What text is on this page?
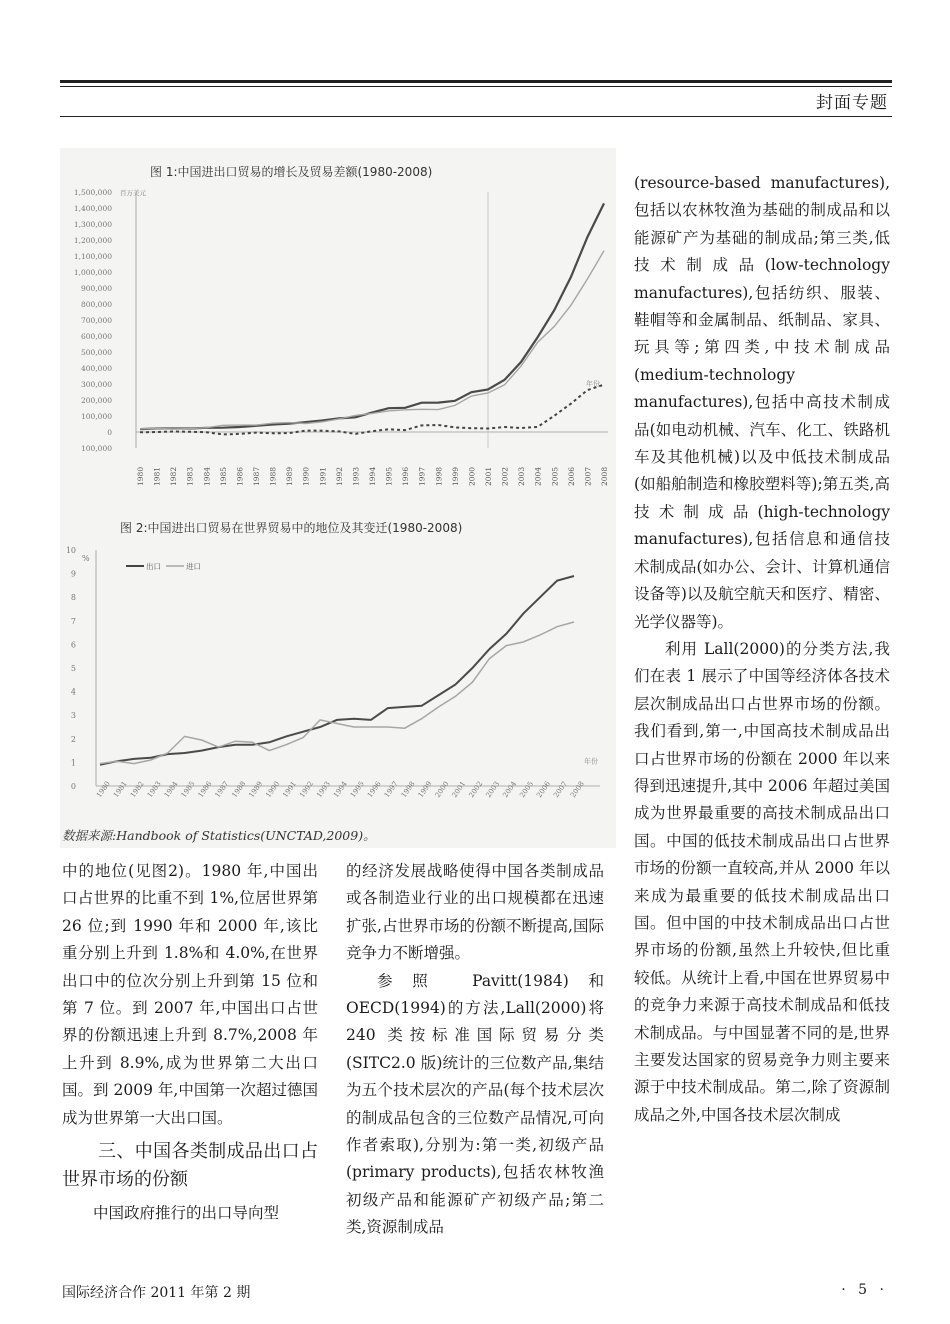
封面专题
图 1:中国进出口贸易的增长及贸易差额(1980-2008)
1,500,000
1,400,000
1,300,000
1,200,000
1,100,000
1,000,000
900,000
800,000
700,000
600,000
500,000
400,000
300,000
200,000
100,000
0
100,000
百万美元
年份
1980 1981 1982 1983 1984 1985 1986 1987 1988 1989 1990 1991 1992 1993 1994 1995 1996 1997 1998 1999 2000 2001 2002 2003 2004 2005 2006 2007 2008
图 2:中国进出口贸易在世界贸易中的地位及其变迁(1980-2008)
10
9
8
7
6
5
4
3
2
1
0
%
年份
出口	进口
1980 1981 1982 1983 1984 1985 1986 1987 1988 1989 1990 1991 1992 1993 1994 1995 1996 1997 1998 1999 2000 2001 2002 2003 2004 2005 2006 2007 2008
数据来源:Handbook of Statistics(UNCTAD,2009)。

中的地位(见图2)。1980 年,中国出口占世界的比重不到 1%,位居世界第 26 位;到 1990 年和 2000 年,该比重分别上升到 1.8%和 4.0%,在世界出口中的位次分别上升到第 15 位和第 7 位。到 2007 年,中国出口占世界的份额迅速上升到 8.7%,2008 年上升到 8.9%,成为世界第二大出口国。到 2009 年,中国第一次超过德国成为世界第一大出口国。

三、中国各类制成品出口占世界市场的份额

中国政府推行的出口导向型

的经济发展战略使得中国各类制成品或各制造业行业的出口规模都在迅速扩张,占世界市场的份额不断提高,国际竞争力不断增强。

参照 Pavitt(1984)和 OECD(1994)的方法,Lall(2000)将 240 类按标准国际贸易分类(SITC2.0 版)统计的三位数产品,集结为五个技术层次的产品(每个技术层次的制成品包含的三位数产品情况,可向作者索取),分别为:第一类,初级产品(primary products),包括农林牧渔初级产品和能源矿产初级产品;第二类,资源制成品

(resource-based manufactures),包括以农林牧渔为基础的制成品和以能源矿产为基础的制成品;第三类,低技术制成品(low-technology manufactures),包括纺织、服装、鞋帽等和金属制品、纸制品、家具、玩具等;第四类,中技术制成品(medium-technology manufactures),包括中高技术制成品(如电动机械、汽车、化工、铁路机车及其他机械)以及中低技术制成品(如船舶制造和橡胶塑料等);第五类,高技术制成品(high-technology manufactures),包括信息和通信技术制成品(如办公、会计、计算机通信设备等)以及航空航天和医疗、精密、光学仪器等)。

利用 Lall(2000)的分类方法,我们在表 1 展示了中国等经济体各技术层次制成品出口占世界市场的份额。我们看到,第一,中国高技术制成品出口占世界市场的份额在 2000 年以来得到迅速提升,其中 2006 年超过美国成为世界最重要的高技术制成品出口国。中国的低技术制成品出口占世界市场的份额一直较高,并从 2000 年以来成为最重要的低技术制成品出口国。但中国的中技术制成品出口占世界市场的份额,虽然上升较快,但比重较低。从统计上看,中国在世界贸易中的竞争力来源于高技术制成品和低技术制成品。与中国显著不同的是,世界主要发达国家的贸易竞争力则主要来源于中技术制成品。第二,除了资源制成品之外,中国各技术层次制成

国际经济合作 2011 年第 2 期	· 5 ·
